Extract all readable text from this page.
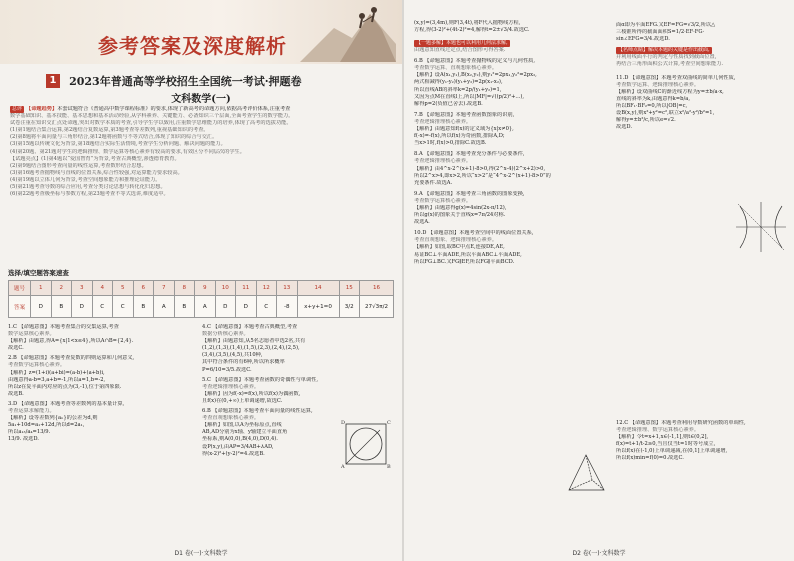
参考答案及深度解析
1 2023年普通高等学校招生全国统一考试·押题卷
文科数学(一)
总评 【命题趋势】本套试题符合《普通高中数学课程标准》的要求,体现了新高考的命题方向,依据高考评价体系,注重考查
数学基础知识、基本技能、基本思想和基本活动经验,从学科素养、关键能力、必备知识三个层面,全面考查学生的数学能力。
试卷注重在知识交汇点处命题,突出对数学本质的考查,引导学生学以致用,注重数学思维能力的培养,体现了高考的选拔功能。
(1)第1题结合集合运算,第2题结合复数运算,第3题考查等差数列,重视基础知识的考查。
(2)第8题将平面向量与三角形结合,第12题将函数与不等式结合,体现了知识的综合与交汇。
(3)第15题以传统文化为背景,第18题结合实际生活情境,考查学生分析问题、解决问题的能力。
(4)第20题、第21题对学生的逻辑推理、数学运算等核心素养有较高的要求,有效区分不同层次的学生。
【试题亮点】(1)第4题以“爱国智育”为背景,考查古典概型,渗透德育教育。
(2)第9题结合图形考查向量的线性运算,考查数形结合思想。
(3)第16题考查抛物线与直线的位置关系,综合性较强,对运算能力要求较高。
(4)第19题以立体几何为背景,考查空间想象能力和推理论证能力。
(5)第21题考查导数的综合应用,考查分类讨论思想与转化化归思想。
(6)第22题考查极坐标与参数方程,第23题考查不等式选讲,难度适中。
选择/填空题答案速查
题号	1	2	3	4	5	6	7	8	9	10	11	12	13	14	15	16
答案	D	B	D	C	C	B	A	B	A	D	D	C	-8	x+y+1=0	3/2	27√3π/2
1.C 【命题意图】本题考查集合的交集运算,考查
数学运算核心素养。
【解析】由题意,得A={x|1<x≤4},所以A∩B={2,4}.
故选C.
2.B 【命题意图】本题考查复数的四则运算和几何意义,
考查数学运算核心素养。
【解析】z=(1+i)(a+bi)=(a-b)+(a+b)i,
由题意得a-b=3,a+b=-1,所以a=1,b=-2,
所以z在复平面内对应的点为(3,-1),位于第四象限.
故选B.
3.D 【命题意图】本题考查等差数列的基本量计算,
考查运算求解能力。
【解析】设等差数列{aₙ}的公差为d,则
5a₁+10d=a₁+12d,所以d=2a₁,
所以a₁₃/a₄=13/9.
13/9. 故选D.
4.C 【命题意图】本题考查古典概型,考查
数据分析核心素养。
【解析】由题意知,从5名志愿者中选2名,共有
(1,2),(1,3),(1,4),(1,5),(2,3),(2,4),(2,5),
(3,4),(3,5),(4,5),共10种,
其中符合条件的有6种,所以所求概率
P=6/10=3/5.故选C.
5.C 【命题意图】本题考查函数的奇偶性与单调性,
考查逻辑推理核心素养。
【解析】因为f(-x)=f(x),所以f(x)为偶函数,
且f(x)在(0,+∞)上单调递增,故选C.
6.B 【命题意图】本题考查平面向量的线性运算,
考查直观想象核心素养。
【解析】如图,以A为坐标原点,直线
AB,AD分别为x轴、y轴建立平面直角
坐标系,则A(0,0),B(4,0),D(0,4).
设P(x,y),由AP=3/4AB+λAD,
得(x-2)²+(y-2)²=4.故选B.
A	B
D	C
D1 卷(一)·文科数学
(x,y)=(3,4m),则F(3,4t),将F代入抛物线方程,
方程,得(3-2)²+(4t-2)²=4,解得t=2±√3/4.故选C.
【一题多解】本题也可以利用几何法求解,
由题意知直线过定点,结合图形可得答案.
6.B 【命题意图】本题考查抛物线的定义与几何性质,
考查数学运算、直观想象核心素养。
【解析】设A(x₁,y₁),B(x₂,y₂),则y₁²=2px₁,y₂²=2px₂,
两式相减得(y₁-y₂)(y₁+y₂)=2p(x₁-x₂),
所以直线AB的斜率k=2p/(y₁+y₂)=1,
又因为点M在直线l上,所以|MF|=√((p/2)²+...),
解得p=2(负值已舍去).故选B.
7.B 【命题意图】本题考查函数图象的识别,
考查逻辑推理核心素养。
【解析】由题意知f(x)的定义域为{x|x≠0},
f(-x)=-f(x),所以f(x)为奇函数,排除A,D;
当x>1时,f(x)>0,排除C.故选B.
8.A 【命题意图】本题考查充分条件与必要条件,
考查逻辑推理核心素养。
【解析】由4^x-2^(x+1)-8>0,得(2^x-4)(2^x+2)>0,
所以2^x>4,即x>2,所以“x>2”是“4^x-2^(x+1)-8>0”的
充要条件.故选A.
9.A 【命题意图】本题考查三角函数的图象变换,
考查数学运算核心素养。
【解析】由题意得g(x)=4sin(2x-π/12),
所以g(x)的图象关于直线x=7π/24对称.
故选A.
10.D 【命题意图】本题考查空间中的线面位置关系,
考查直观想象、逻辑推理核心素养。
【解析】如图,取BC中点E,连接DE,AE,
易证BC⊥平面ADE,所以平面ABC⊥平面ADE,
所以FG⊥BC.又FG∥EF,所以FG∥平面BCD.
面α即为平面EFG.又EF=FG=√3/2,所以△
三棱锥所得的截面面积S=1/2·EF·FG·
sin∠EFG=3/4.故选D.
【名师点睛】解决本题的关键是作出截面,
并利用线面平行的判定与性质找到截面位置,
再结合三角形面积公式计算,考查空间想象能力.
11.D 【命题意图】本题考查双曲线的简单几何性质,
考查数学运算、逻辑推理核心素养。
【解析】设双曲线C的渐近线方程为y=±b/a·x,
直线的斜率为k,由题意得k=b/a,
所以BF₁·BF₂=0,所以|OB|=c,
设B(x,y),则x²+y²=c²,联立x²/a²-y²/b²=1,
解得y=±b²/c,所以e=√2.
故选D.
12.C 【命题意图】本题考查利用导数研究函数的单调性,
考查逻辑推理、数学运算核心素养。
【解析】令t=x+1,x∈(-1,1],则t∈(0,2],
f(x)=t+1/t-2≥0,当且仅当t=1时等号成立,
所以f(x)在(-1,0)上单调递减,在(0,1]上单调递增,
所以f(x)min=f(0)=0.故选C.
D2 卷(一)·文科数学
